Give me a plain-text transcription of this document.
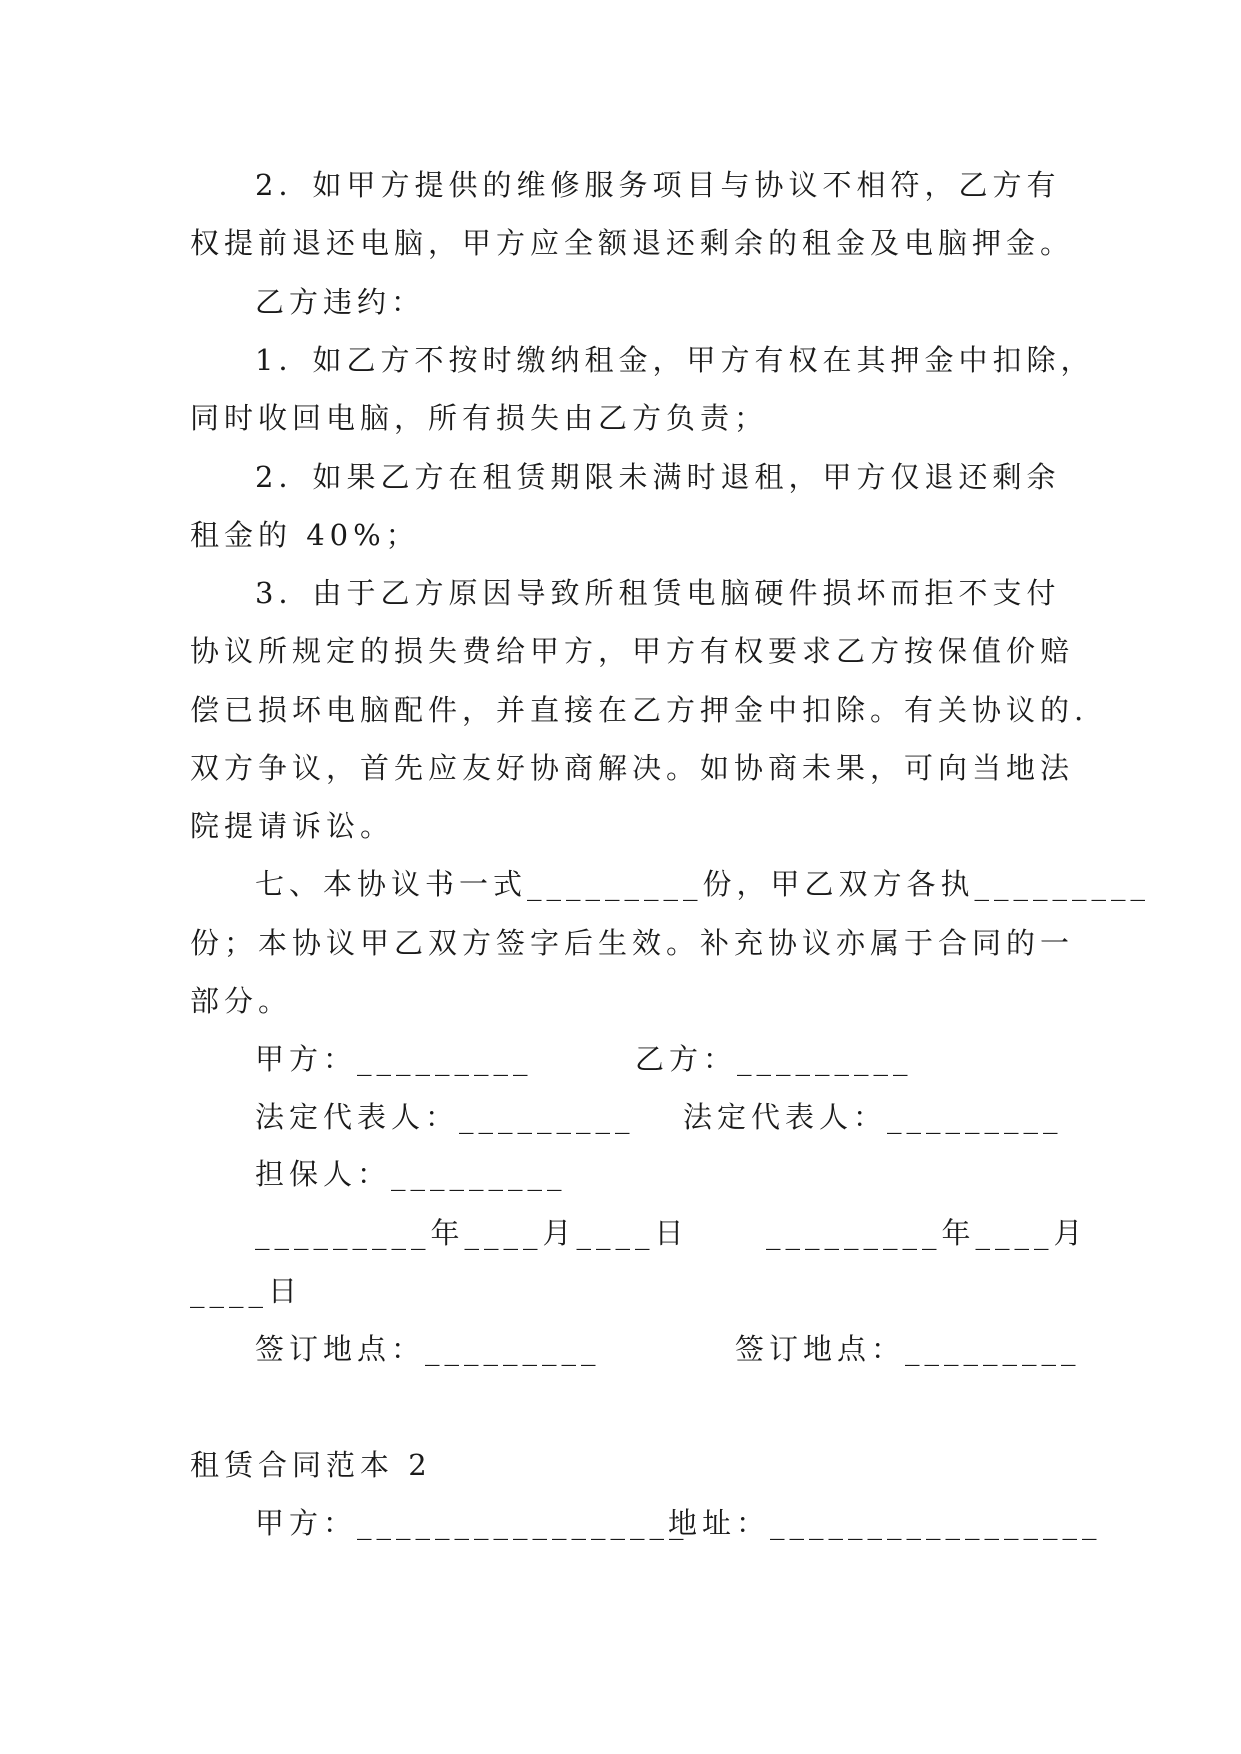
2．如甲方提供的维修服务项目与协议不相符，乙方有
权提前退还电脑，甲方应全额退还剩余的租金及电脑押金。
乙方违约：
1．如乙方不按时缴纳租金，甲方有权在其押金中扣除，
同时收回电脑，所有损失由乙方负责；
2．如果乙方在租赁期限未满时退租，甲方仅退还剩余
租金的 40%；
3．由于乙方原因导致所租赁电脑硬件损坏而拒不支付
协议所规定的损失费给甲方，甲方有权要求乙方按保值价赔
偿已损坏电脑配件，并直接在乙方押金中扣除。有关协议的.
双方争议，首先应友好协商解决。如协商未果，可向当地法
院提请诉讼。
七、本协议书一式_________份，甲乙双方各执_________
份；本协议甲乙双方签字后生效。补充协议亦属于合同的一
部分。
甲方：_________	乙方：_________
法定代表人：_________ 法定代表人：_________
担保人：_________
_________年____月____日	_________年____月
____日
签订地点：_________	签订地点：_________
租赁合同范本 2
甲方：_________________
地址：_________________
